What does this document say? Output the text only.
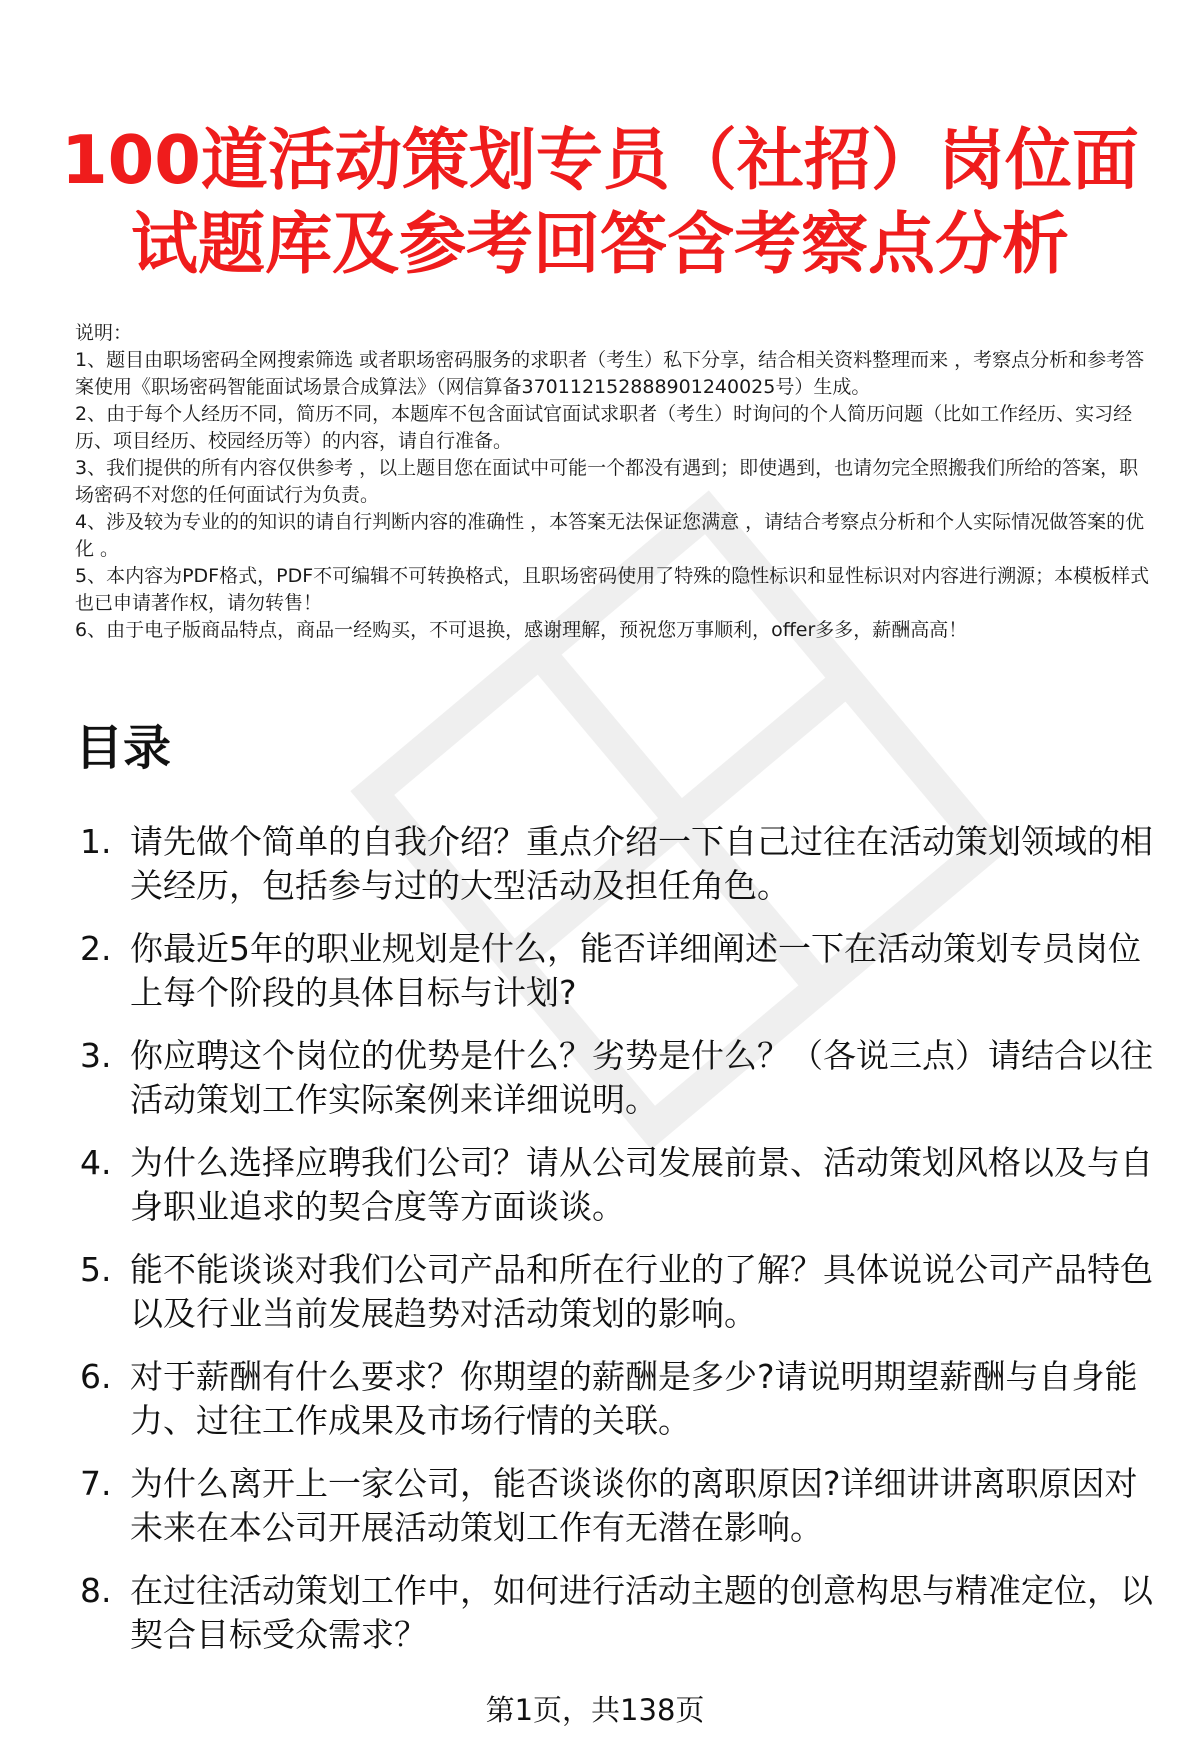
100道活动策划专员（社招）岗位面试题库及参考回答含考察点分析

说明：

1、题目由职场密码全网搜索筛选 或者职场密码服务的求职者（考生）私下分享，结合相关资料整理而来 ，考察点分析和参考答案使用《职场密码智能面试场景合成算法》（网信算备370112152888901240025号）生成。

2、由于每个人经历不同，简历不同，本题库不包含面试官面试求职者（考生）时询问的个人简历问题（比如工作经历、实习经历、项目经历、校园经历等）的内容，请自行准备。

3、我们提供的所有内容仅供参考 ，以上题目您在面试中可能一个都没有遇到；即使遇到，也请勿完全照搬我们所给的答案，职场密码不对您的任何面试行为负责。

4、涉及较为专业的的知识的请自行判断内容的准确性 ，本答案无法保证您满意 ，请结合考察点分析和个人实际情况做答案的优化 。

5、本内容为PDF格式，PDF不可编辑不可转换格式，且职场密码使用了特殊的隐性标识和显性标识对内容进行溯源；本模板样式也已申请著作权，请勿转售！

6、由于电子版商品特点，商品一经购买，不可退换，感谢理解，预祝您万事顺利，offer多多，薪酬高高！

目录
1. 请先做个简单的自我介绍？重点介绍一下自己过往在活动策划领域的相关经历，包括参与过的大型活动及担任角色。
2. 你最近5年的职业规划是什么，能否详细阐述一下在活动策划专员岗位上每个阶段的具体目标与计划?
3. 你应聘这个岗位的优势是什么？劣势是什么？（各说三点）请结合以往活动策划工作实际案例来详细说明。
4. 为什么选择应聘我们公司？请从公司发展前景、活动策划风格以及与自身职业追求的契合度等方面谈谈。
5. 能不能谈谈对我们公司产品和所在行业的了解？具体说说公司产品特色以及行业当前发展趋势对活动策划的影响。
6. 对于薪酬有什么要求？你期望的薪酬是多少?请说明期望薪酬与自身能力、过往工作成果及市场行情的关联。
7. 为什么离开上一家公司，能否谈谈你的离职原因?详细讲讲离职原因对未来在本公司开展活动策划工作有无潜在影响。
8. 在过往活动策划工作中，如何进行活动主题的创意构思与精准定位，以契合目标受众需求？
第1页，共138页
